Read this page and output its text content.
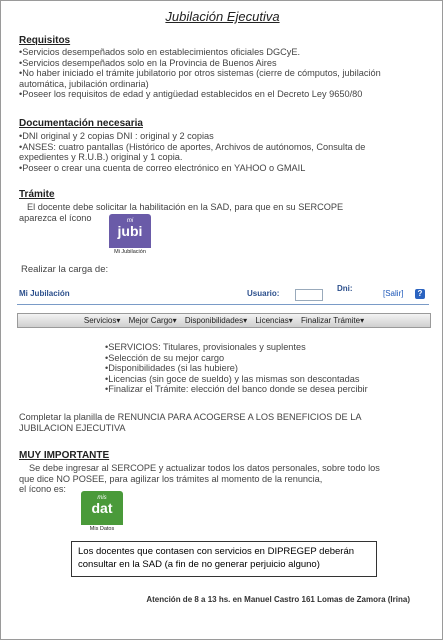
Jubilación Ejecutiva
Requisitos
•Servicios desempeñados solo en establecimientos oficiales DGCyE.
•Servicios desempeñados solo en la Provincia de Buenos Aires
•No haber iniciado el trámite jubilatorio por otros sistemas (cierre de cómputos, jubilación
automática, jubilación ordinaria)
•Poseer los requisitos de edad y antigüedad establecidos en el Decreto Ley 9650/80
Documentación necesaria
•DNI original y 2 copias DNI : original y 2 copias
•ANSES: cuatro pantallas (Histórico de aportes, Archivos de autónomos, Consulta de
expedientes y R.U.B.) original y 1 copia.
•Poseer o crear una cuenta de correo electrónico en YAHOO o GMAIL
Trámite
El docente debe solicitar la habilitación en la SAD, para que en su SERCOPE
aparezca el ícono	mi
jubi
Mi Jubilación
Realizar la carga de:
Mi Jubilación	Usuario:
Dni:
[Salir]	?
Servicios▾ Mejor Cargo▾ Disponibilidades▾ Licencias▾ Finalizar Trámite▾
•SERVICIOS: Titulares, provisionales y suplentes
•Selección de su mejor cargo
•Disponibilidades (si las hubiere)
•Licencias (sin goce de sueldo) y las mismas son descontadas
•Finalizar el Trámite: elección del banco donde se desea percibir
Completar la planilla de RENUNCIA PARA ACOGERSE A LOS BENEFICIOS DE LA
JUBILACION EJECUTIVA
MUY IMPORTANTE
Se debe ingresar al SERCOPE y actualizar todos los datos personales, sobre todo los
que dice NO POSEE, para agilizar los trámites al momento de la renuncia,
el ícono es:
mis
dat
Mis Datos
Los docentes que contasen con servicios en DIPREGEP deberán
consultar en la SAD (a fin de no generar perjuicio alguno)
Atención de 8 a 13 hs. en Manuel Castro 161 Lomas de Zamora (Irina)
